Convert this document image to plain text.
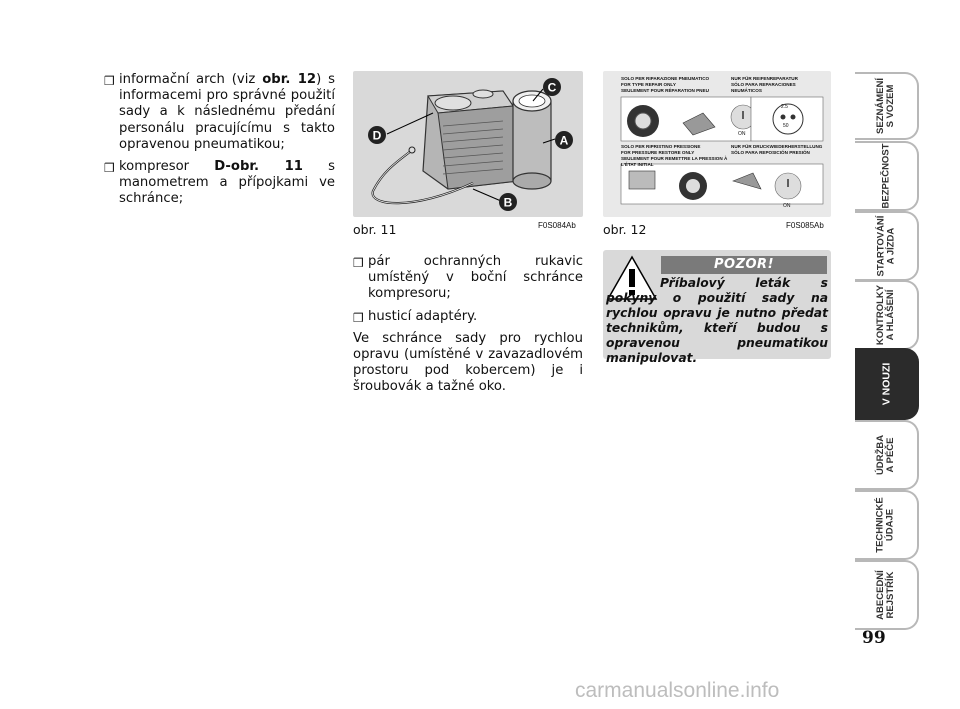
❒ informační arch (viz obr. 12) s informacemi pro správné použití sady a k následnému předání personálu pracujícímu s takto opravenou pneumatikou;
❒ kompresor D-obr. 11 s manometrem a přípojkami ve schránce;
D
C
A
B
obr. 11	F0S084Ab
SOLO PER RIPARAZIONE PNEUMATICO
FOR TYPE REPAIR ONLY
SEULEMENT POUR RÉPARATION PNEU
NUR FÜR REIFENREPARATUR
SÓLO PARA REPARACIONES NEUMÁTICOS
2.5
50
ON
SOLO PER RIPRISTINO PRESSIONE
FOR PRESSURE RESTORE ONLY
SEULEMENT POUR REMETTRE LA PRESSION À L'ÉTAT INITIAL
NUR FÜR DRUCKWIEDERHERSTELLUNG
SÓLO PARA REPOSICIÓN PRESIÓN
ON
obr. 12	F0S085Ab
❒ pár ochranných rukavic umístěný v boční schránce kompresoru;
❒ husticí adaptéry.

Ve schránce sady pro rychlou opravu (umístěné v zavazadlovém prostoru pod kobercem) je i šroubovák a tažné oko.

POZOR!
Příbalový leták s pokyny o použití sady na rychlou opravu je nutno předat technikům, kteří budou s opravenou pneumatikou manipulovat.
SEZNÁMENÍ
S VOZEM
BEZPEČNOST
STARTOVÁNÍ
A JÍZDA
KONTROLKY
A HLÁŠENÍ
V NOUZI
ÚDRŽBA
A PÉČE
TECHNICKÉ
ÚDAJE
ABECEDNÍ
REJSTŘÍK
99
carmanualsonline.info
